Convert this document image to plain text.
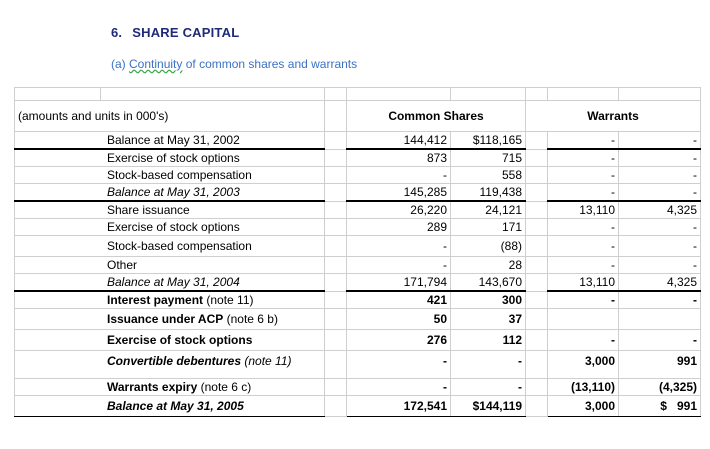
6. SHARE CAPITAL
(a) Continuity of common shares and warrants

(amounts and units in 000's)			Common Shares		Warrants		
Balance at May 31, 2002			144,412	$118,165		-	-
Exercise of stock options			873	715		-	-
Stock-based compensation			-	558		-	-
Balance at May 31, 2003			145,285	119,438		-	-
Share issuance			26,220	24,121		13,110	4,325
Exercise of stock options			289	171		-	-
Stock-based compensation			-	(88)		-	-
Other			-	28		-	-
Balance at May 31, 2004			171,794	143,670		13,110	4,325
Interest payment (note 11)			421	300		-	-
Issuance under ACP (note 6 b)			50	37			
Exercise of stock options			276	112		-	-
Convertible debentures (note 11)			-	-		3,000	991
Warrants expiry (note 6 c)			-	-		(13,110)	(4,325)
Balance at May 31, 2005			172,541	$144,119		3,000	$   991
